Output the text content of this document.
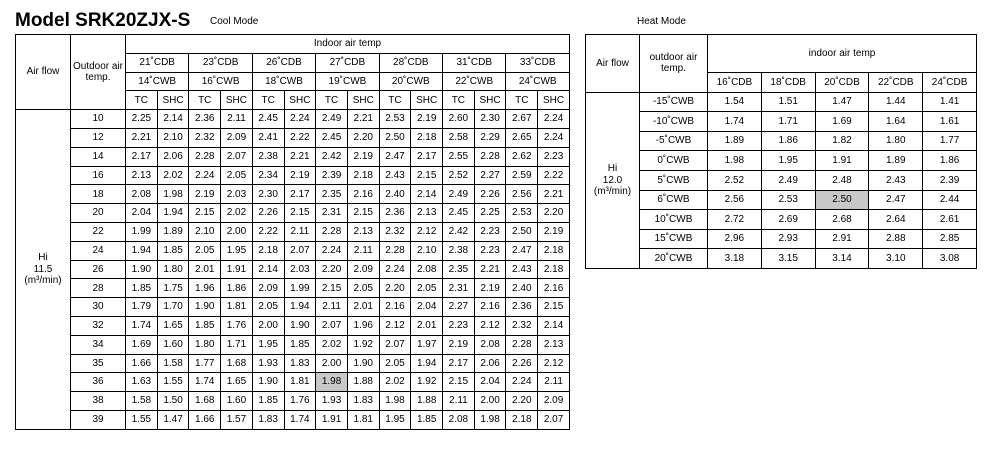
Model SRK20ZJX-S Cool Mode	Heat Mode
Air flow	Outdoor air temp.	Indoor air temp													
		21˚CDB		23˚CDB		26˚CDB		27˚CDB		28˚CDB		31˚CDB		33˚CDB	
		14˚CWB		16˚CWB		18˚CWB		19˚CWB		20˚CWB		22˚CWB		24˚CWB	
		TC	SHC	TC	SHC	TC	SHC	TC	SHC	TC	SHC	TC	SHC	TC	SHC
Hi
11.5
(m³/min)	10	2.25	2.14	2.36	2.11	2.45	2.24	2.49	2.21	2.53	2.19	2.60	2.30	2.67	2.24
	12	2.21	2.10	2.32	2.09	2.41	2.22	2.45	2.20	2.50	2.18	2.58	2.29	2.65	2.24
	14	2.17	2.06	2.28	2.07	2.38	2.21	2.42	2.19	2.47	2.17	2.55	2.28	2.62	2.23
	16	2.13	2.02	2.24	2.05	2.34	2.19	2.39	2.18	2.43	2.15	2.52	2.27	2.59	2.22
	18	2.08	1.98	2.19	2.03	2.30	2.17	2.35	2.16	2.40	2.14	2.49	2.26	2.56	2.21
	20	2.04	1.94	2.15	2.02	2.26	2.15	2.31	2.15	2.36	2.13	2.45	2.25	2.53	2.20
	22	1.99	1.89	2.10	2.00	2.22	2.11	2.28	2.13	2.32	2.12	2.42	2.23	2.50	2.19
	24	1.94	1.85	2.05	1.95	2.18	2.07	2.24	2.11	2.28	2.10	2.38	2.23	2.47	2.18
	26	1.90	1.80	2.01	1.91	2.14	2.03	2.20	2.09	2.24	2.08	2.35	2.21	2.43	2.18
	28	1.85	1.75	1.96	1.86	2.09	1.99	2.15	2.05	2.20	2.05	2.31	2.19	2.40	2.16
	30	1.79	1.70	1.90	1.81	2.05	1.94	2.11	2.01	2.16	2.04	2.27	2.16	2.36	2.15
	32	1.74	1.65	1.85	1.76	2.00	1.90	2.07	1.96	2.12	2.01	2.23	2.12	2.32	2.14
	34	1.69	1.60	1.80	1.71	1.95	1.85	2.02	1.92	2.07	1.97	2.19	2.08	2.28	2.13
	35	1.66	1.58	1.77	1.68	1.93	1.83	2.00	1.90	2.05	1.94	2.17	2.06	2.26	2.12
	36	1.63	1.55	1.74	1.65	1.90	1.81	1.98	1.88	2.02	1.92	2.15	2.04	2.24	2.11
	38	1.58	1.50	1.68	1.60	1.85	1.76	1.93	1.83	1.98	1.88	2.11	2.00	2.20	2.09
	39	1.55	1.47	1.66	1.57	1.83	1.74	1.91	1.81	1.95	1.85	2.08	1.98	2.18	2.07
Air flow	outdoor air temp.	indoor air temp				
		16˚CDB	18˚CDB	20˚CDB	22˚CDB	24˚CDB
Hi
12.0
(m³/min)	-15˚CWB	1.54	1.51	1.47	1.44	1.41
	-10˚CWB	1.74	1.71	1.69	1.64	1.61
	-5˚CWB	1.89	1.86	1.82	1.80	1.77
	0˚CWB	1.98	1.95	1.91	1.89	1.86
	5˚CWB	2.52	2.49	2.48	2.43	2.39
	6˚CWB	2.56	2.53	2.50	2.47	2.44
	10˚CWB	2.72	2.69	2.68	2.64	2.61
	15˚CWB	2.96	2.93	2.91	2.88	2.85
	20˚CWB	3.18	3.15	3.14	3.10	3.08
